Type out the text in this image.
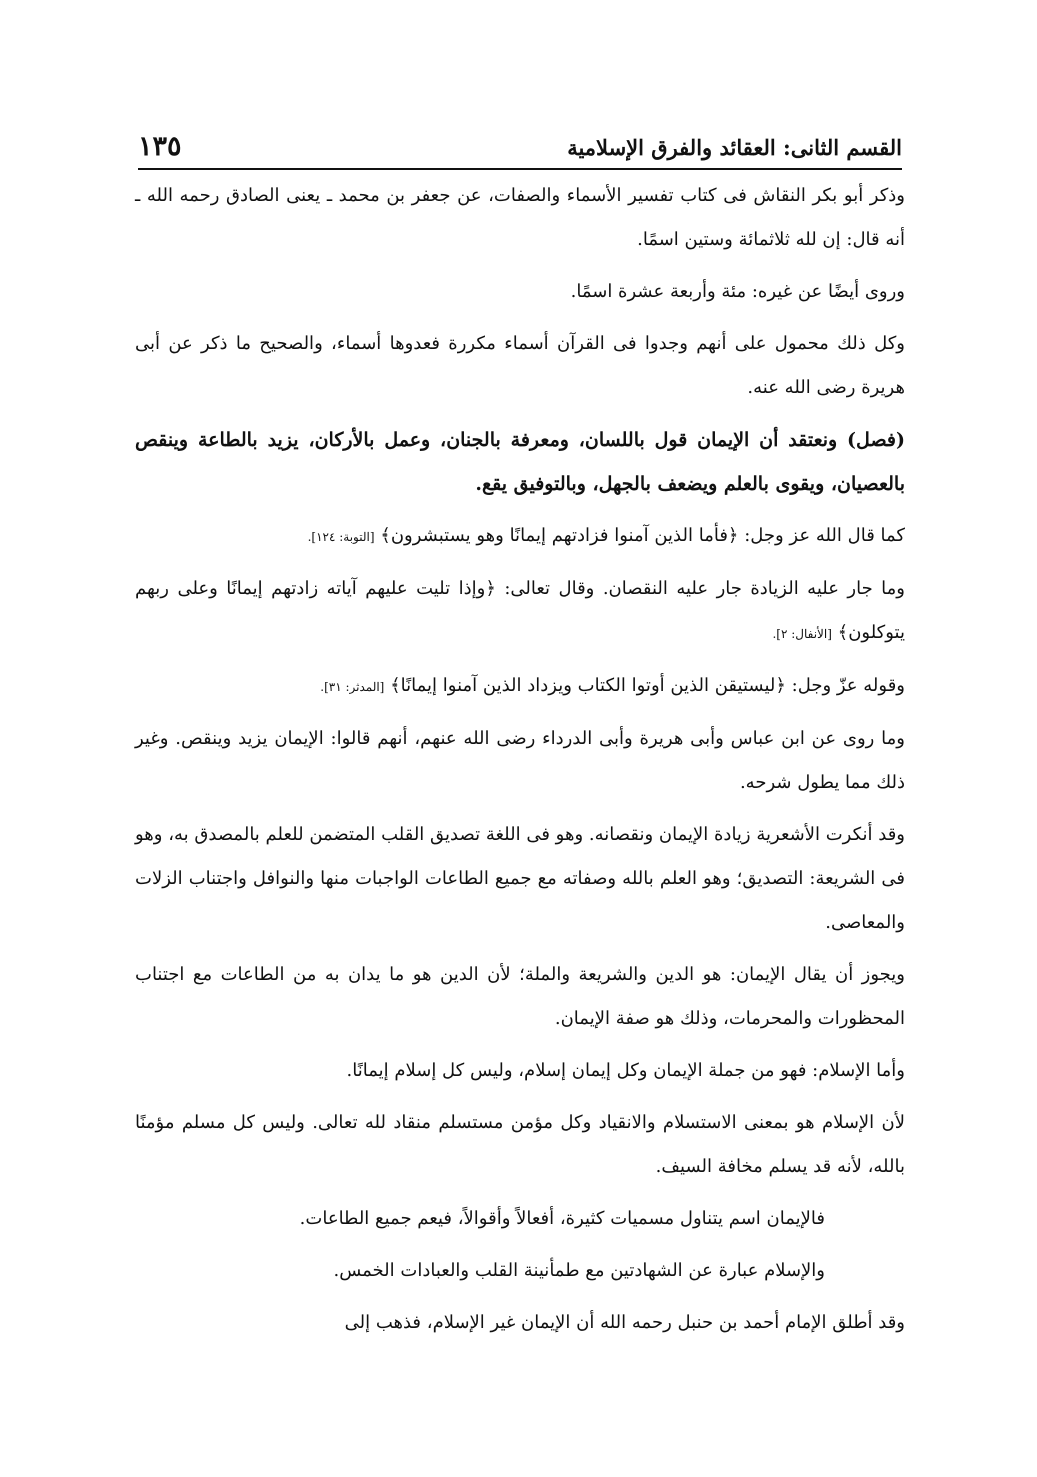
القسم الثانى: العقائد والفرق الإسلامية
١٣٥

وذكر أبو بكر النقاش فى كتاب تفسير الأسماء والصفات، عن جعفر بن محمد ـ يعنى الصادق رحمه الله ـ أنه قال: إن لله ثلاثمائة وستين اسمًا.

وروى أيضًا عن غيره: مئة وأربعة عشرة اسمًا.

وكل ذلك محمول على أنهم وجدوا فى القرآن أسماء مكررة فعدوها أسماء، والصحيح ما ذكر عن أبى هريرة رضى الله عنه.

(فصل) ونعتقد أن الإيمان قول باللسان، ومعرفة بالجنان، وعمل بالأركان، يزيد بالطاعة وينقص بالعصيان، ويقوى بالعلم ويضعف بالجهل، وبالتوفيق يقع.

كما قال الله عز وجل: ﴿فأما الذين آمنوا فزادتهم إيمانًا وهو يستبشرون﴾ [التوبة: ١٢٤].

وما جار عليه الزيادة جار عليه النقصان. وقال تعالى: ﴿وإذا تليت عليهم آياته زادتهم إيمانًا وعلى ربهم يتوكلون﴾ [الأنفال: ٢].

وقوله عزّ وجل: ﴿ليستيقن الذين أوتوا الكتاب ويزداد الذين آمنوا إيمانًا﴾ [المدثر: ٣١].

وما روى عن ابن عباس وأبى هريرة وأبى الدرداء رضى الله عنهم، أنهم قالوا: الإيمان يزيد وينقص. وغير ذلك مما يطول شرحه.

وقد أنكرت الأشعرية زيادة الإيمان ونقصانه. وهو فى اللغة تصديق القلب المتضمن للعلم بالمصدق به، وهو فى الشريعة: التصديق؛ وهو العلم بالله وصفاته مع جميع الطاعات الواجبات منها والنوافل واجتناب الزلات والمعاصى.

ويجوز أن يقال الإيمان: هو الدين والشريعة والملة؛ لأن الدين هو ما يدان به من الطاعات مع اجتناب المحظورات والمحرمات، وذلك هو صفة الإيمان.

وأما الإسلام: فهو من جملة الإيمان وكل إيمان إسلام، وليس كل إسلام إيمانًا.

لأن الإسلام هو بمعنى الاستسلام والانقياد وكل مؤمن مستسلم منقاد لله تعالى. وليس كل مسلم مؤمنًا بالله، لأنه قد يسلم مخافة السيف.

فالإيمان اسم يتناول مسميات كثيرة، أفعالاً وأقوالاً، فيعم جميع الطاعات.

والإسلام عبارة عن الشهادتين مع طمأنينة القلب والعبادات الخمس.

وقد أطلق الإمام أحمد بن حنبل رحمه الله أن الإيمان غير الإسلام، فذهب إلى
